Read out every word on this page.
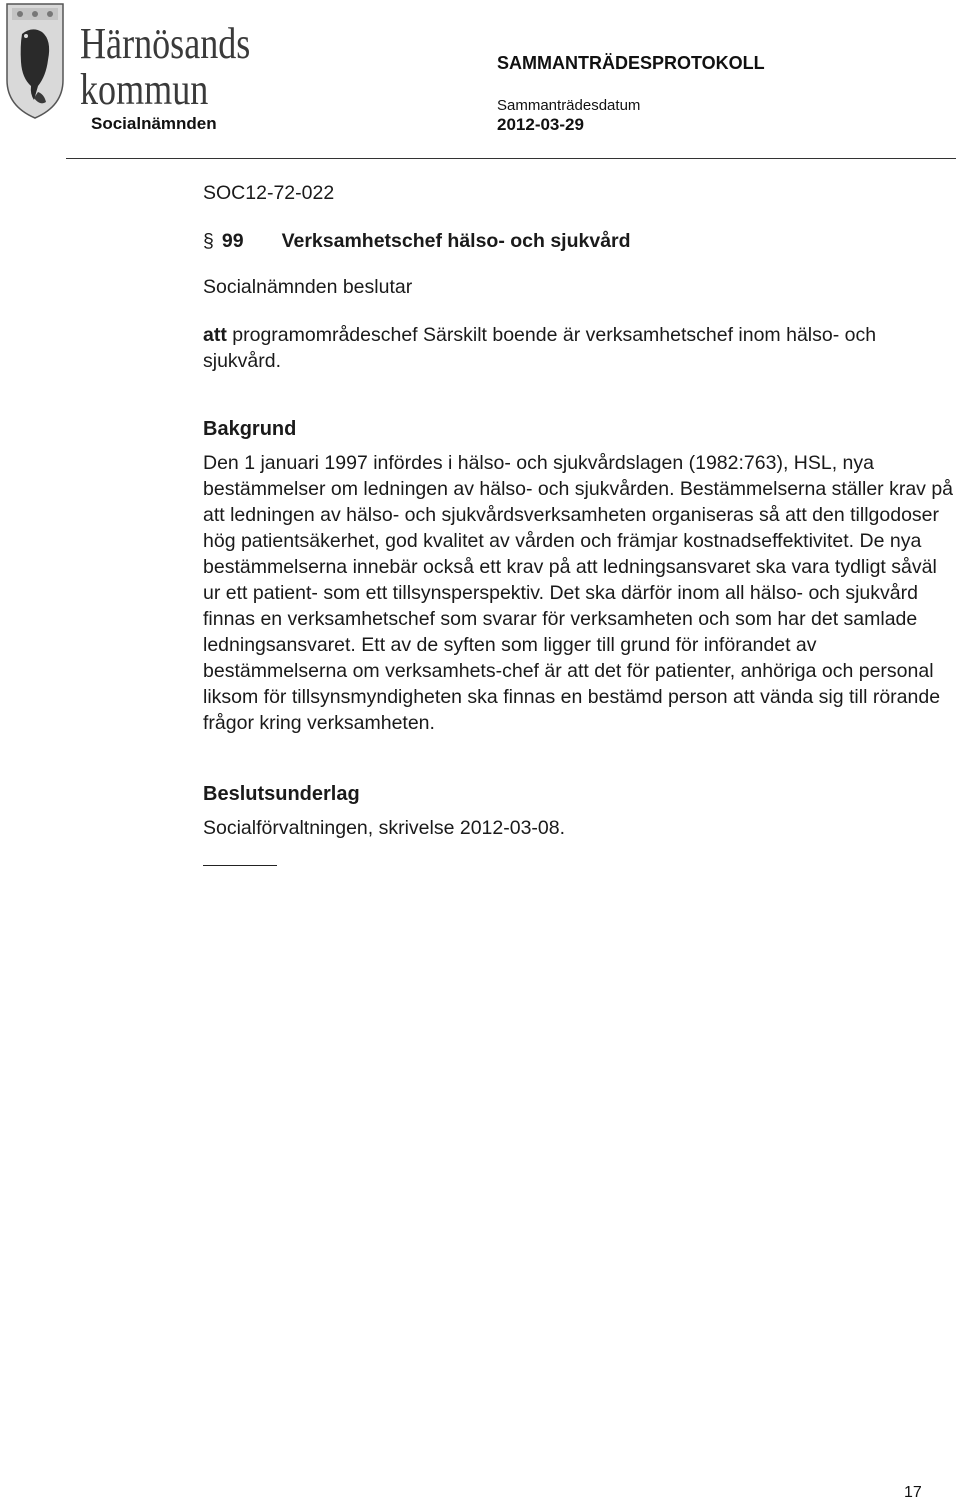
Härnösands
kommun
Socialnämnden
SAMMANTRÄDESPROTOKOLL
Sammanträdesdatum
2012-03-29
SOC12-72-022
§ 99 Verksamhetschef hälso- och sjukvård
Socialnämnden beslutar
att programområdeschef Särskilt boende är verksamhetschef inom hälso- och sjukvård.
Bakgrund
Den 1 januari 1997 infördes i hälso- och sjukvårdslagen (1982:763), HSL, nya bestämmelser om ledningen av hälso- och sjukvården. Bestämmelserna ställer krav på att ledningen av hälso- och sjukvårdsverksamheten organiseras så att den tillgodoser hög patientsäkerhet, god kvalitet av vården och främjar kostnadseffektivitet. De nya bestämmelserna innebär också ett krav på att ledningsansvaret ska vara tydligt såväl ur ett patient- som ett tillsynsperspektiv. Det ska därför inom all hälso- och sjukvård finnas en verksamhetschef som svarar för verksamheten och som har det samlade ledningsansvaret. Ett av de syften som ligger till grund för införandet av bestämmelserna om verksamhets-chef är att det för patienter, anhöriga och personal liksom för tillsynsmyndigheten ska finnas en bestämd person att vända sig till rörande frågor kring verksamheten.
Beslutsunderlag
Socialförvaltningen, skrivelse 2012-03-08.
17
